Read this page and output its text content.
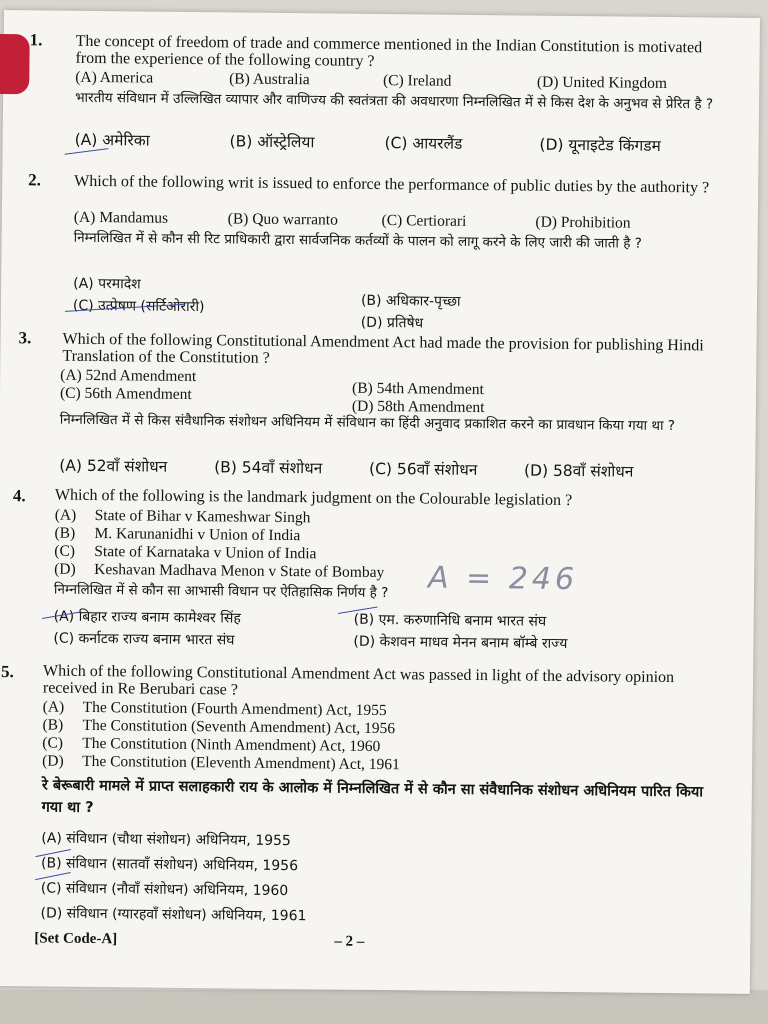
1. The concept of freedom of trade and commerce mentioned in the Indian Constitution is motivated from the experience of the following country ?
(A) America	(B) Australia	(C) Ireland	(D) United Kingdom
भारतीय संविधान में उल्लिखित व्यापार और वाणिज्य की स्वतंत्रता की अवधारणा निम्नलिखित में से किस देश के अनुभव से प्रेरित है ?
(A) अमेरिका	(B) ऑस्ट्रेलिया	(C) आयरलैंड	(D) यूनाइटेड किंगडम
2. Which of the following writ is issued to enforce the performance of public duties by the authority ?
(A) Mandamus	(B) Quo warranto	(C) Certiorari	(D) Prohibition
निम्नलिखित में से कौन सी रिट प्राधिकारी द्वारा सार्वजनिक कर्तव्यों के पालन को लागू करने के लिए जारी की जाती है ?
(A) परमादेश
(B) अधिकार-पृच्छा
(C) उत्प्रेषण (सर्टिओरारी)
(D) प्रतिषेध
3. Which of the following Constitutional Amendment Act had made the provision for publishing Hindi Translation of the Constitution ?
(A) 52nd Amendment
(B) 54th Amendment
(C) 56th Amendment
(D) 58th Amendment
निम्नलिखित में से किस संवैधानिक संशोधन अधिनियम में संविधान का हिंदी अनुवाद प्रकाशित करने का प्रावधान किया गया था ?
(A) 52वाँ संशोधन	(B) 54वाँ संशोधन	(C) 56वाँ संशोधन	(D) 58वाँ संशोधन
4. Which of the following is the landmark judgment on the Colourable legislation ?
(A) State of Bihar v Kameshwar Singh
(B) M. Karunanidhi v Union of India
(C) State of Karnataka v Union of India
(D) Keshavan Madhava Menon v State of Bombay
निम्नलिखित में से कौन सा आभासी विधान पर ऐतिहासिक निर्णय है ?
(A) बिहार राज्य बनाम कामेश्वर सिंह	(B) एम. करुणानिधि बनाम भारत संघ
(C) कर्नाटक राज्य बनाम भारत संघ	(D) केशवन माधव मेनन बनाम बॉम्बे राज्य
5. Which of the following Constitutional Amendment Act was passed in light of the advisory opinion received in Re Berubari case ?
(A) The Constitution (Fourth Amendment) Act, 1955
(B) The Constitution (Seventh Amendment) Act, 1956
(C) The Constitution (Ninth Amendment) Act, 1960
(D) The Constitution (Eleventh Amendment) Act, 1961
रे बेरूबारी मामले में प्राप्त सलाहकारी राय के आलोक में निम्नलिखित में से कौन सा संवैधानिक संशोधन अधिनियम पारित किया गया था ?
(A) संविधान (चौथा संशोधन) अधिनियम, 1955
(B) संविधान (सातवाँ संशोधन) अधिनियम, 1956
(C) संविधान (नौवाँ संशोधन) अधिनियम, 1960
(D) संविधान (ग्यारहवाँ संशोधन) अधिनियम, 1961
A = 246
[Set Code-A]	– 2 –
